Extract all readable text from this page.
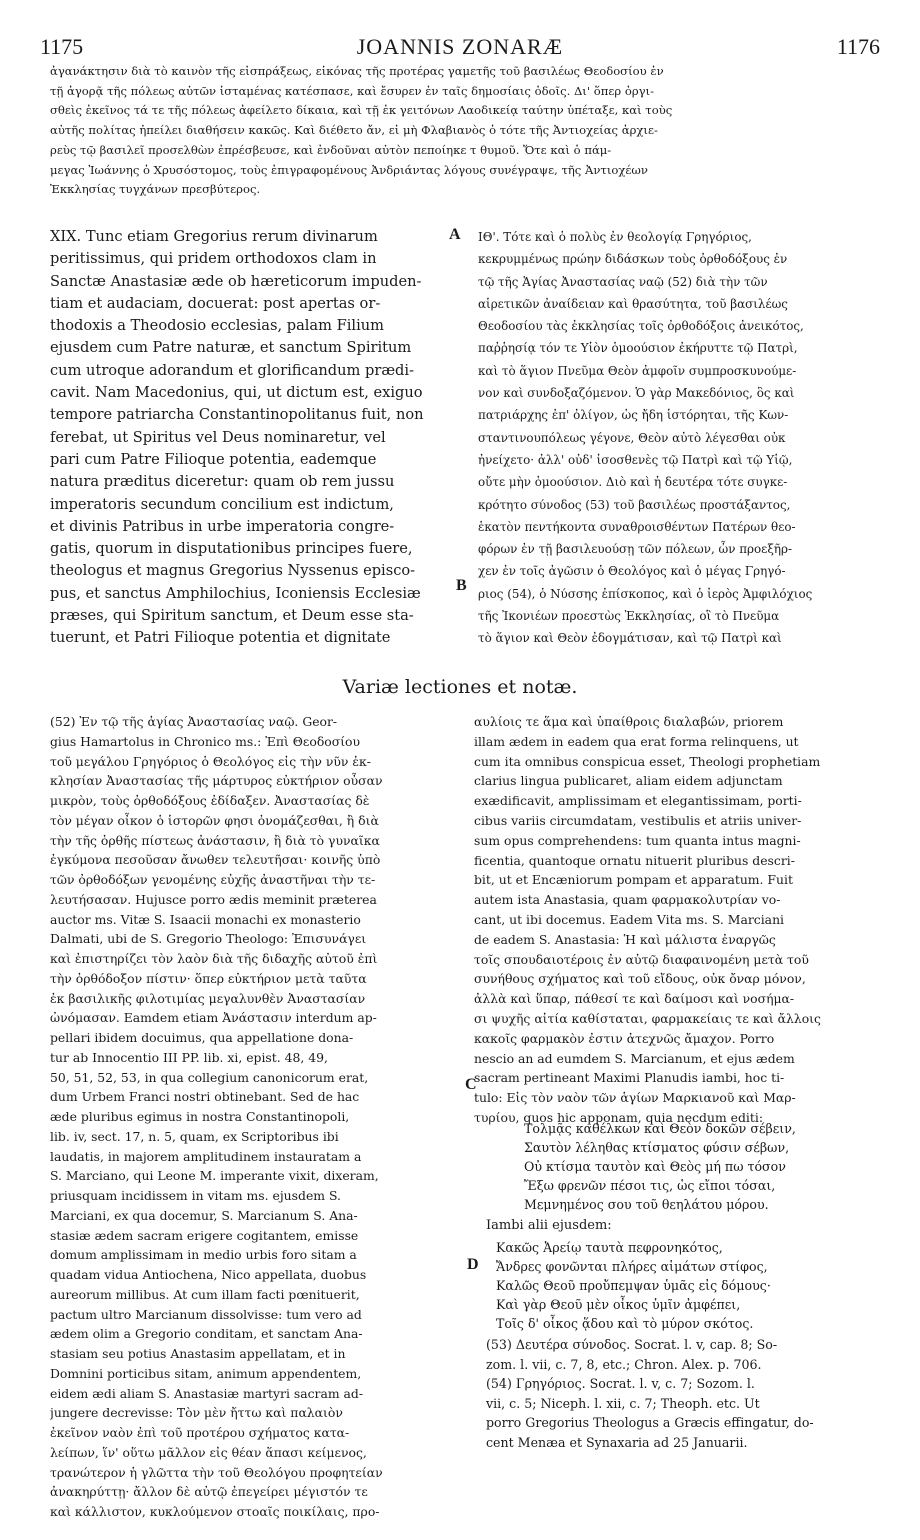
1175	JOANNIS ZONARÆ	1176

ἀγανάκτησιν διὰ τὸ καινὸν τῆς εἰσπράξεως, εἰκόνας τῆς προτέρας γαμετῆς τοῦ βασιλέως Θεοδοσίου ἐν
τῇ ἀγορᾷ τῆς πόλεως αὐτῶν ἱσταμένας κατέσπασε, καὶ ἔσυρεν ἐν ταῖς δημοσίαις ὁδοῖς. Δι' ὅπερ ὀργι-
σθεὶς ἐκεῖνος τά τε τῆς πόλεως ἀφείλετο δίκαια, καὶ τῇ ἐκ γειτόνων Λαοδικείᾳ ταύτην ὑπέταξε, καὶ τοὺς
αὐτῆς πολίτας ἠπείλει διαθήσειν κακῶς. Καὶ διέθετο ἄν, εἰ μὴ Φλαβιανὸς ὁ τότε τῆς Ἀντιοχείας ἀρχιε-
ρεὺς τῷ βασιλεῖ προσελθὼν ἐπρέσβευσε, καὶ ἐνδοῦναι αὐτὸν πεποίηκε τ θυμοῦ. Ὅτε καὶ ὁ πάμ-
μεγας Ἰωάννης ὁ Χρυσόστομος, τοὺς ἐπιγραφομένους Ἀνδριάντας λόγους συνέγραψε, τῆς Ἀντιοχέων
Ἐκκλησίας τυγχάνων πρεσβύτερος.

XIX. Tunc etiam Gregorius rerum divinarum
peritissimus, qui pridem orthodoxos clam in
Sanctæ Anastasiæ æde ob hæreticorum impuden-
tiam et audaciam, docuerat: post apertas or-
thodoxis a Theodosio ecclesias, palam Filium
ejusdem cum Patre naturæ, et sanctum Spiritum
cum utroque adorandum et glorificandum prædi-
cavit. Nam Macedonius, qui, ut dictum est, exiguo
tempore patriarcha Constantinopolitanus fuit, non
ferebat, ut Spiritus vel Deus nominaretur, vel
pari cum Patre Filioque potentia, eademque
natura præditus diceretur: quam ob rem jussu
imperatoris secundum concilium est indictum,
et divinis Patribus in urbe imperatoria congre-
gatis, quorum in disputationibus principes fuere,
theologus et magnus Gregorius Nyssenus episco-
pus, et sanctus Amphilochius, Iconiensis Ecclesiæ
præses, qui Spiritum sanctum, et Deum esse sta-
tuerunt, et Patri Filioque potentia et dignitate

ΙΘ'. Τότε καὶ ὁ πολὺς ἐν θεολογίᾳ Γρηγόριος,
κεκρυμμένως πρώην διδάσκων τοὺς ὀρθοδόξους ἐν
τῷ τῆς Ἁγίας Ἀναστασίας ναῷ (52) διὰ τὴν τῶν
αἱρετικῶν ἀναίδειαν καὶ θρασύτητα, τοῦ βασιλέως
Θεοδοσίου τὰς ἐκκλησίας τοῖς ὀρθοδόξοις ἀνεικότος,
παῤῥησίᾳ τόν τε Υἱὸν ὁμοούσιον ἐκήρυττε τῷ Πατρὶ,
καὶ τὸ ἅγιον Πνεῦμα Θεὸν ἀμφοῖν συμπροσκυνούμε-
νον καὶ συνδοξαζόμενον. Ὁ γὰρ Μακεδόνιος, ὃς καὶ
πατριάρχης ἐπ' ὀλίγον, ὡς ἤδη ἱστόρηται, τῆς Κων-
σταντινουπόλεως γέγονε, Θεὸν αὐτὸ λέγεσθαι οὐκ
ἠνείχετο· ἀλλ' οὐδ' ἰσοσθενὲς τῷ Πατρὶ καὶ τῷ Υἱῷ,
οὔτε μὴν ὁμοούσιον. Διὸ καὶ ἡ δευτέρα τότε συγκε-
κρότητο σύνοδος (53) τοῦ βασιλέως προστάξαντος,
ἑκατὸν πεντήκοντα συναθροισθέντων Πατέρων θεο-
φόρων ἐν τῇ βασιλευούσῃ τῶν πόλεων, ὧν προεξῆρ-
χεν ἐν τοῖς ἀγῶσιν ὁ Θεολόγος καὶ ὁ μέγας Γρηγό-
ριος (54), ὁ Νύσσης ἐπίσκοπος, καὶ ὁ ἱερὸς Ἀμφιλόχιος
τῆς Ἰκονιέων προεστὼς Ἐκκλησίας, οἳ τὸ Πνεῦμα
τὸ ἅγιον καὶ Θεὸν ἐδογμάτισαν, καὶ τῷ Πατρὶ καὶ

A
B
C
D
Variæ lectiones et notæ.

(52) Ἐν τῷ τῆς ἁγίας Ἀναστασίας ναῷ. Geor-
gius Hamartolus in Chronico ms.: Ἐπὶ Θεοδοσίου
τοῦ μεγάλου Γρηγόριος ὁ Θεολόγος εἰς τὴν νῦν ἐκ-
κλησίαν Ἀναστασίας τῆς μάρτυρος εὐκτήριον οὖσαν
μικρὸν, τοὺς ὀρθοδόξους ἐδίδαξεν. Ἀναστασίας δὲ
τὸν μέγαν οἶκον ὁ ἱστορῶν φησι ὀνομάζεσθαι, ἢ διὰ
τὴν τῆς ὀρθῆς πίστεως ἀνάστασιν, ἢ διὰ τὸ γυναῖκα
ἐγκύμονα πεσοῦσαν ἄνωθεν τελευτῆσαι· κοινῆς ὑπὸ
τῶν ὀρθοδόξων γενομένης εὐχῆς ἀναστῆναι τὴν τε-
λευτήσασαν. Hujusce porro ædis meminit præterea
auctor ms. Vitæ S. Isaacii monachi ex monasterio
Dalmati, ubi de S. Gregorio Theologo: Ἐπισυνάγει
καὶ ἐπιστηρίζει τὸν λαὸν διὰ τῆς διδαχῆς αὐτοῦ ἐπὶ
τὴν ὀρθόδοξον πίστιν· ὅπερ εὐκτήριον μετὰ ταῦτα
ἐκ βασιλικῆς φιλοτιμίας μεγαλυνθὲν Ἀναστασίαν
ὠνόμασαν. Eamdem etiam Ἀνάστασιν interdum ap-
pellari ibidem docuimus, qua appellatione dona-
tur ab Innocentio III PP. lib. xi, epist. 48, 49,
50, 51, 52, 53, in qua collegium canonicorum erat,
dum Urbem Franci nostri obtinebant. Sed de hac
æde pluribus egimus in nostra Constantinopoli,
lib. iv, sect. 17, n. 5, quam, ex Scriptoribus ibi
laudatis, in majorem amplitudinem instauratam a
S. Marciano, qui Leone M. imperante vixit, dixeram,
priusquam incidissem in vitam ms. ejusdem S.
Marciani, ex qua docemur, S. Marcianum S. Ana-
stasiæ ædem sacram erigere cogitantem, emisse
domum amplissimam in medio urbis foro sitam a
quadam vidua Antiochena, Nico appellata, duobus
aureorum millibus. At cum illam facti pœnituerit,
pactum ultro Marcianum dissolvisse: tum vero ad
ædem olim a Gregorio conditam, et sanctam Ana-
stasiam seu potius Anastasim appellatam, et in
Domnini porticibus sitam, animum appendentem,
eidem ædi aliam S. Anastasiæ martyri sacram ad-
jungere decrevisse: Τὸν μὲν ἤττω καὶ παλαιὸν
ἐκεῖνον ναὸν ἐπὶ τοῦ προτέρου σχήματος κατα-
λείπων, ἵν' οὕτω μᾶλλον εἰς θέαν ἅπασι κείμενος,
τρανώτερον ἡ γλῶττα τὴν τοῦ Θεολόγου προφητείαν
ἀνακηρύττῃ· ἄλλον δὲ αὐτῷ ἐπεγείρει μέγιστόν τε
καὶ κάλλιστον, κυκλούμενον στοαῖς ποικίλαις, προ-

αυλίοις τε ἅμα καὶ ὑπαίθροις διαλαβών, priorem
illam ædem in eadem qua erat forma relinquens, ut
cum ita omnibus conspicua esset, Theologi prophetiam
clarius lingua publicaret, aliam eidem adjunctam
exædificavit, amplissimam et elegantissimam, porti-
cibus variis circumdatam, vestibulis et atriis univer-
sum opus comprehendens: tum quanta intus magni-
ficentia, quantoque ornatu nituerit pluribus descri-
bit, ut et Encæniorum pompam et apparatum. Fuit
autem ista Anastasia, quam φαρμακολυτρίαν vo-
cant, ut ibi docemus. Eadem Vita ms. S. Marciani
de eadem S. Anastasia: Ἡ καὶ μάλιστα ἐναργῶς
τοῖς σπουδαιοτέροις ἐν αὐτῷ διαφαινομένη μετὰ τοῦ
συνήθους σχήματος καὶ τοῦ εἴδους, οὐκ ὄναρ μόνον,
ἀλλὰ καὶ ὕπαρ, πάθεσί τε καὶ δαίμοσι καὶ νοσήμα-
σι ψυχῆς αἰτία καθίσταται, φαρμακείαις τε καὶ ἄλλοις
κακοῖς φαρμακὸν ἐστιν ἀτεχνῶς ἄμαχον. Porro
nescio an ad eumdem S. Marcianum, et ejus ædem
sacram pertineant Maximi Planudis iambi, hoc ti-
tulo: Εἰς τὸν ναὸν τῶν ἁγίων Μαρκιανοῦ καὶ Μαρ-
τυρίου, quos hic apponam, quia necdum editi:

Τολμᾷς καθέλκων καὶ Θεὸν δοκῶν σέβειν,
Σαυτὸν λέληθας κτίσματος φύσιν σέβων,
Οὐ κτίσμα ταυτὸν καὶ Θεὸς μή πω τόσον
Ἔξω φρενῶν πέσοι τις, ὡς εἴποι τόσαι,
Μεμνημένος σου τοῦ θεηλάτου μόρου.

Iambi alii ejusdem:

Κακῶς Ἀρείῳ ταυτὰ πεφρονηκότος,
Ἄνδρες φονῶνται πλήρες αἱμάτων στίφος,
Καλῶς Θεοῦ προὔπεμψαν ὑμᾶς εἰς δόμους·
Καὶ γὰρ Θεοῦ μὲν οἶκος ὑμῖν ἀμφέπει,
Τοῖς δ' οἶκος ᾅδου καὶ τὸ μύρον σκότος.

(53) Δευτέρα σύνοδος. Socrat. l. v, cap. 8; So-
zom. l. vii, c. 7, 8, etc.; Chron. Alex. p. 706.
(54) Γρηγόριος. Socrat. l. v, c. 7; Sozom. l.
vii, c. 5; Niceph. l. xii, c. 7; Theoph. etc. Ut
porro Gregorius Theologus a Græcis effingatur, do-
cent Menæa et Synaxaria ad 25 Januarii.
